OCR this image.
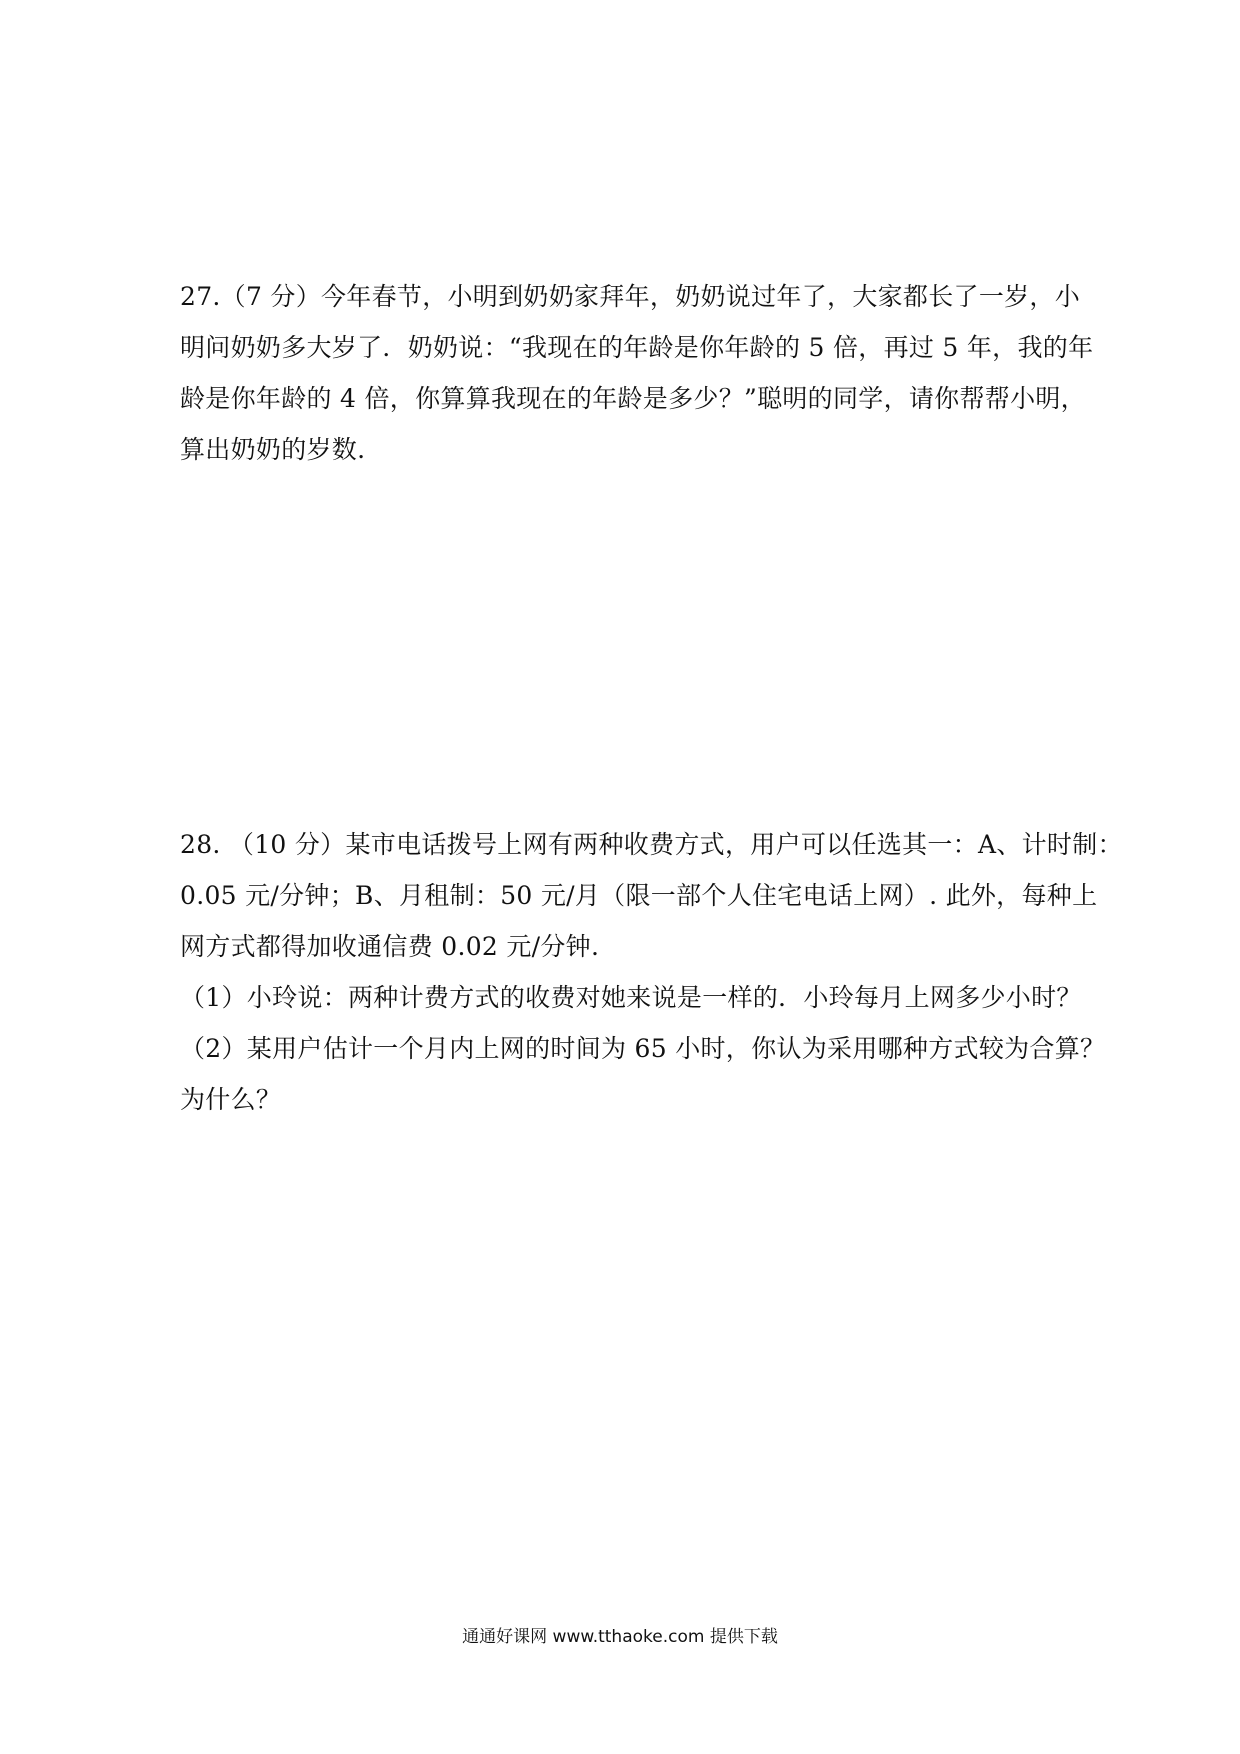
27.（7 分）今年春节，小明到奶奶家拜年，奶奶说过年了，大家都长了一岁，小
明问奶奶多大岁了．奶奶说：“我现在的年龄是你年龄的 5 倍，再过 5 年，我的年
龄是你年龄的 4 倍，你算算我现在的年龄是多少？”聪明的同学，请你帮帮小明，
算出奶奶的岁数.
28. （10 分）某市电话拨号上网有两种收费方式，用户可以任选其一：A、计时制：
0.05 元/分钟；B、月租制：50 元/月（限一部个人住宅电话上网）. 此外，每种上
网方式都得加收通信费 0.02 元/分钟.
（1）小玲说：两种计费方式的收费对她来说是一样的．小玲每月上网多少小时？
（2）某用户估计一个月内上网的时间为 65 小时，你认为采用哪种方式较为合算？
为什么？
通通好课网 www.tthaoke.com 提供下载
